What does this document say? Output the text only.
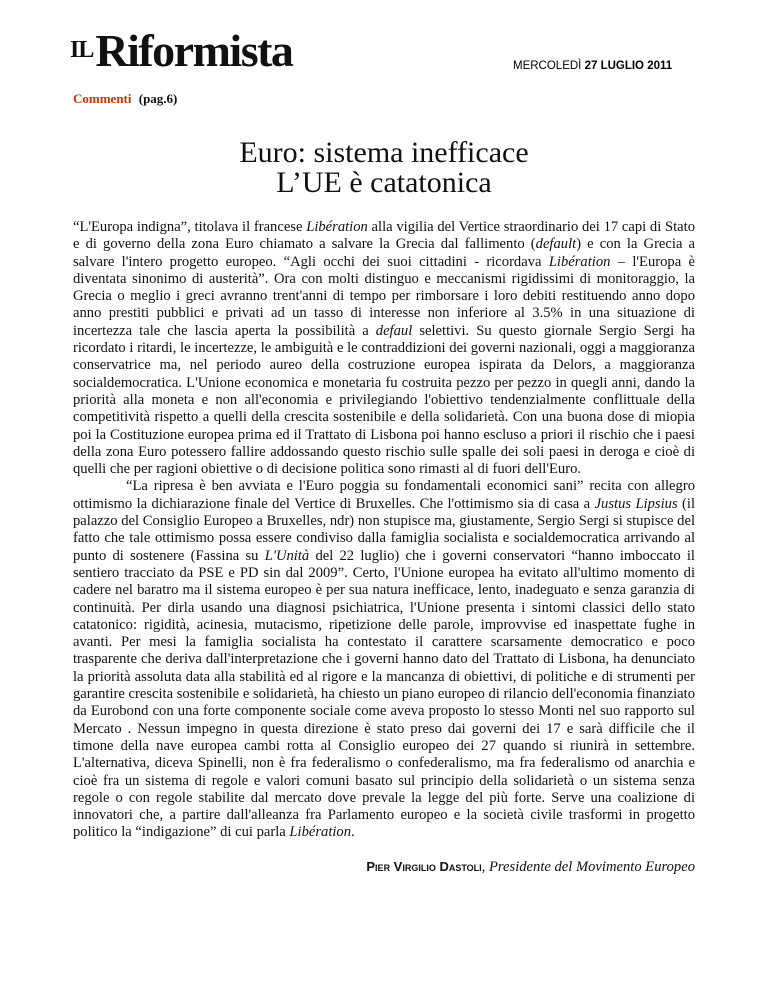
IL Riformista	MERCOLEDÌ 27 LUGLIO 2011
Commenti (pag.6)
Euro: sistema inefficace
L’UE è catatonica

“L'Europa indigna”, titolava il francese Libération alla vigilia del Vertice straordinario dei 17 capi di Stato e di governo della zona Euro chiamato a salvare la Grecia dal fallimento (default) e con la Grecia a salvare l'intero progetto europeo. “Agli occhi dei suoi cittadini - ricordava Libération – l'Europa è diventata sinonimo di austerità”. Ora con molti distinguo e meccanismi rigidissimi di monitoraggio, la Grecia o meglio i greci avranno trent'anni di tempo per rimborsare i loro debiti restituendo anno dopo anno prestiti pubblici e privati ad un tasso di interesse non inferiore al 3.5% in una situazione di incertezza tale che lascia aperta la possibilità a defaul selettivi. Su questo giornale Sergio Sergi ha ricordato i ritardi, le incertezze, le ambiguità e le contraddizioni dei governi nazionali, oggi a maggioranza conservatrice ma, nel periodo aureo della costruzione europea ispirata da Delors, a maggioranza socialdemocratica. L'Unione economica e monetaria fu costruita pezzo per pezzo in quegli anni, dando la priorità alla moneta e non all'economia e privilegiando l'obiettivo tendenzialmente conflittuale della competitività rispetto a quelli della crescita sostenibile e della solidarietà. Con una buona dose di miopia poi la Costituzione europea prima ed il Trattato di Lisbona poi hanno escluso a priori il rischio che i paesi della zona Euro potessero fallire addossando questo rischio sulle spalle dei soli paesi in deroga e cioè di quelli che per ragioni obiettive o di decisione politica sono rimasti al di fuori dell'Euro.

“La ripresa è ben avviata e l'Euro poggia su fondamentali economici sani” recita con allegro ottimismo la dichiarazione finale del Vertice di Bruxelles. Che l'ottimismo sia di casa a Justus Lipsius (il palazzo del Consiglio Europeo a Bruxelles, ndr) non stupisce ma, giustamente, Sergio Sergi si stupisce del fatto che tale ottimismo possa essere condiviso dalla famiglia socialista e socialdemocratica arrivando al punto di sostenere (Fassina su L'Unità del 22 luglio) che i governi conservatori “hanno imboccato il sentiero tracciato da PSE e PD sin dal 2009”. Certo, l'Unione europea ha evitato all'ultimo momento di cadere nel baratro ma il sistema europeo è per sua natura inefficace, lento, inadeguato e senza garanzia di continuità. Per dirla usando una diagnosi psichiatrica, l'Unione presenta i sintomi classici dello stato catatonico: rigidità, acinesia, mutacismo, ripetizione delle parole, improvvise ed inaspettate fughe in avanti. Per mesi la famiglia socialista ha contestato il carattere scarsamente democratico e poco trasparente che deriva dall'interpretazione che i governi hanno dato del Trattato di Lisbona, ha denunciato la priorità assoluta data alla stabilità ed al rigore e la mancanza di obiettivi, di politiche e di strumenti per garantire crescita sostenibile e solidarietà, ha chiesto un piano europeo di rilancio dell'economia finanziato da Eurobond con una forte componente sociale come aveva proposto lo stesso Monti nel suo rapporto sul Mercato . Nessun impegno in questa direzione è stato preso dai governi dei 17 e sarà difficile che il timone della nave europea cambi rotta al Consiglio europeo dei 27 quando si riunirà in settembre. L'alternativa, diceva Spinelli, non è fra federalismo o confederalismo, ma fra federalismo od anarchia e cioè fra un sistema di regole e valori comuni basato sul principio della solidarietà o un sistema senza regole o con regole stabilite dal mercato dove prevale la legge del più forte. Serve una coalizione di innovatori che, a partire dall'alleanza fra Parlamento europeo e la società civile trasformi in progetto politico la “indigazione” di cui parla Libération.

Pier Virgilio Dastoli, Presidente del Movimento Europeo
